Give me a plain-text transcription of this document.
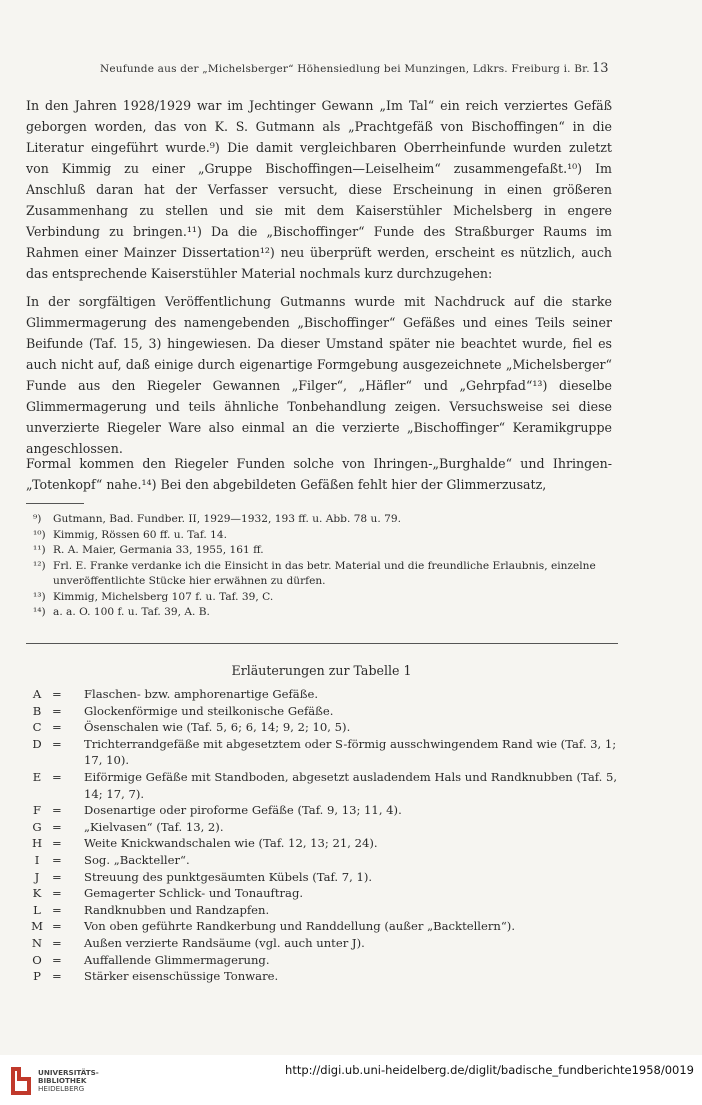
Neufunde aus der „Michelsberger“ Höhensiedlung bei Munzingen, Ldkrs. Freiburg i. Br. 13

In den Jahren 1928/1929 war im Jechtinger Gewann „Im Tal“ ein reich verziertes Gefäß geborgen worden, das von K. S. Gutmann als „Prachtgefäß von Bischoffingen“ in die Literatur eingeführt wurde.⁹) Die damit vergleichbaren Oberrheinfunde wurden zuletzt von Kimmig zu einer „Gruppe Bischoffingen—Leiselheim“ zusammengefaßt.¹⁰) Im Anschluß daran hat der Verfasser versucht, diese Erscheinung in einen größeren Zusammenhang zu stellen und sie mit dem Kaiserstühler Michelsberg in engere Verbindung zu bringen.¹¹) Da die „Bischoffinger“ Funde des Straßburger Raums im Rahmen einer Mainzer Dissertation¹²) neu überprüft werden, erscheint es nützlich, auch das entsprechende Kaiserstühler Material nochmals kurz durchzugehen:

In der sorgfältigen Veröffentlichung Gutmanns wurde mit Nachdruck auf die starke Glimmermagerung des namengebenden „Bischoffinger“ Gefäßes und eines Teils seiner Beifunde (Taf. 15, 3) hingewiesen. Da dieser Umstand später nie beachtet wurde, fiel es auch nicht auf, daß einige durch eigenartige Formgebung ausgezeichnete „Michelsberger“ Funde aus den Riegeler Gewannen „Filger“, „Häfler“ und „Gehrpfad“¹³) dieselbe Glimmermagerung und teils ähnliche Tonbehandlung zeigen. Versuchsweise sei diese unverzierte Riegeler Ware also einmal an die verzierte „Bischoffinger“ Keramikgruppe angeschlossen.

Formal kommen den Riegeler Funden solche von Ihringen-„Burghalde“ und Ihringen-„Totenkopf“ nahe.¹⁴) Bei den abgebildeten Gefäßen fehlt hier der Glimmerzusatz,

⁹) Gutmann, Bad. Fundber. II, 1929—1932, 193 ff. u. Abb. 78 u. 79.
¹⁰) Kimmig, Rössen 60 ff. u. Taf. 14.
¹¹) R. A. Maier, Germania 33, 1955, 161 ff.
¹²) Frl. E. Franke verdanke ich die Einsicht in das betr. Material und die freundliche Erlaubnis, einzelne unveröffentlichte Stücke hier erwähnen zu dürfen.
¹³) Kimmig, Michelsberg 107 f. u. Taf. 39, C.
¹⁴) a. a. O. 100 f. u. Taf. 39, A. B.
Erläuterungen zur Tabelle 1
A = Flaschen- bzw. amphorenartige Gefäße.
B = Glockenförmige und steilkonische Gefäße.
C = Ösenschalen wie (Taf. 5, 6; 6, 14; 9, 2; 10, 5).
D = Trichterrandgefäße mit abgesetztem oder S-förmig ausschwingendem Rand wie (Taf. 3, 1; 17, 10).
E = Eiförmige Gefäße mit Standboden, abgesetzt ausladendem Hals und Randknubben (Taf. 5, 14; 17, 7).
F = Dosenartige oder piroforme Gefäße (Taf. 9, 13; 11, 4).
G = „Kielvasen“ (Taf. 13, 2).
H = Weite Knickwandschalen wie (Taf. 12, 13; 21, 24).
I	= Sog. „Backteller“.
J	= Streuung des punktgesäumten Kübels (Taf. 7, 1).
K = Gemagerter Schlick- und Tonauftrag.
L = Randknubben und Randzapfen.
M = Von oben geführte Randkerbung und Randdellung (außer „Backtellern“).
N = Außen verzierte Randsäume (vgl. auch unter J).
O = Auffallende Glimmermagerung.
P = Stärker eisenschüssige Tonware.
UNIVERSITÄTS-
BIBLIOTHEK
HEIDELBERG
http://digi.ub.uni-heidelberg.de/diglit/badische_fundberichte1958/0019
